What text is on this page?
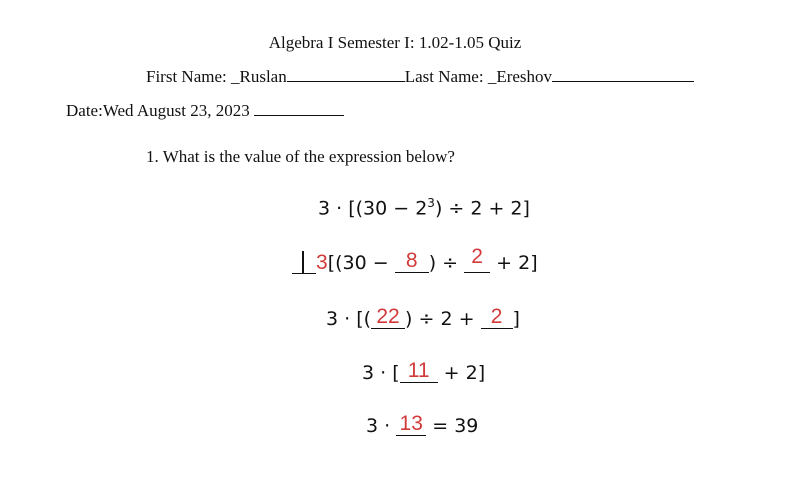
Algebra I Semester I: 1.02-1.05 Quiz
First Name: _Ruslan	Last Name: _Ereshov
Date:Wed August 23, 2023
1. What is the value of the expression below?
$3 \cdot [(30 - 2^3) \div 2 + 2]$
3[(30 − 8 ) ÷ 2 + 2]
3 · [( 22 ) ÷ 2 + 2 ]
3 · [ 11 + 2]
3 · 13 = 39
